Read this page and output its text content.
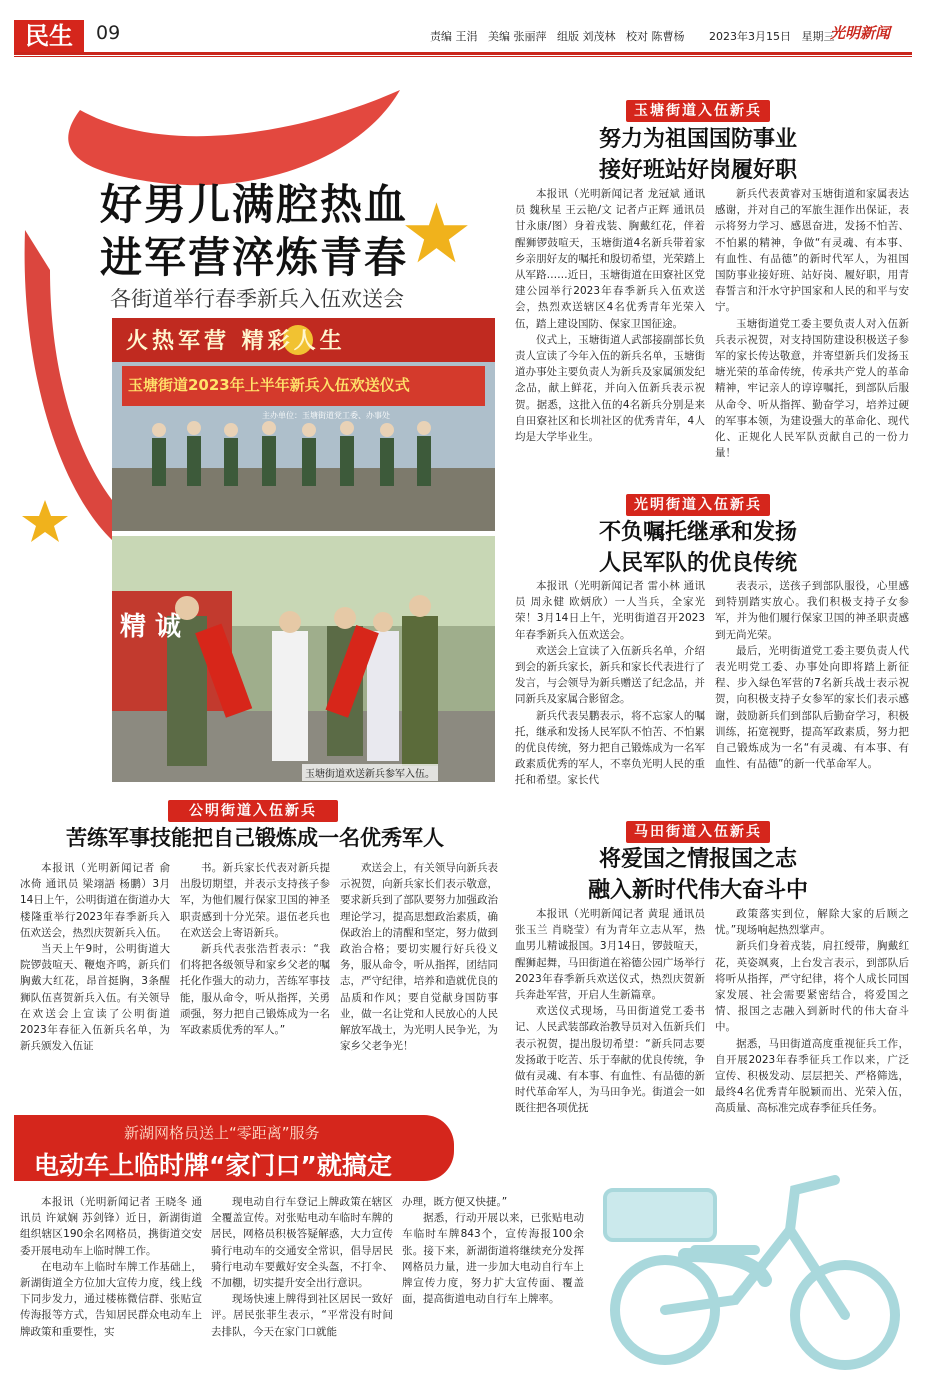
民生	09	责编 王涓 美编 张丽萍 组版 刘茂林 校对 陈曹杨 2023年3月15日 星期三
光明新闻
好男儿满腔热血
进军营淬炼青春
各街道举行春季新兵入伍欢送会
火热军营 精彩人生
玉塘街道2023年上半年新兵入伍欢送仪式
主办单位：玉塘街道党工委、办事处
精 诚
玉塘街道欢送新兵参军入伍。
玉塘街道入伍新兵
努力为祖国国防事业
接好班站好岗履好职

本报讯（光明新闻记者 龙冠斌 通讯员 魏秋星 王云艳/文 记者卢正辉 通讯员 甘永康/图）身着戎装、胸戴红花，伴着醒狮锣鼓喧天，玉塘街道4名新兵带着家乡亲朋好友的嘱托和殷切希望，光荣踏上从军路……近日，玉塘街道在田寮社区党建公园举行2023年春季新兵入伍欢送会，热烈欢送辖区4名优秀青年光荣入伍，踏上建设国防、保家卫国征途。

仪式上，玉塘街道人武部接副部长负责人宣读了今年入伍的新兵名单，玉塘街道办事处主要负责人为新兵及家属颁发纪念品，献上鲜花，并向入伍新兵表示祝贺。据悉，这批入伍的4名新兵分别是来自田寮社区和长圳社区的优秀青年，4人均是大学毕业生。

新兵代表黄睿对玉塘街道和家属表达感谢，并对自己的军旅生涯作出保证，表示将努力学习、感恩奋进，发扬不怕苦、不怕累的精神，争做“有灵魂、有本事、有血性、有品德”的新时代军人，为祖国国防事业接好班、站好岗、履好职，用青春誓言和汗水守护国家和人民的和平与安宁。

玉塘街道党工委主要负责人对入伍新兵表示祝贺，对支持国防建设积极送子参军的家长传达敬意，并寄望新兵们发扬玉塘光荣的革命传统，传承共产党人的革命精神，牢记亲人的谆谆嘱托，到部队后服从命令、听从指挥、勤奋学习，培养过硬的军事本领，为建设强大的革命化、现代化、正规化人民军队贡献自己的一份力量！

光明街道入伍新兵
不负嘱托继承和发扬
人民军队的优良传统

本报讯（光明新闻记者 雷小林 通讯员 周永健 欧炳欣）一人当兵，全家光荣！3月14日上午，光明街道召开2023年春季新兵入伍欢送会。

欢送会上宣读了入伍新兵名单，介绍到会的新兵家长，新兵和家长代表进行了发言，与会领导为新兵赠送了纪念品，并同新兵及家属合影留念。

新兵代表吴鹏表示，将不忘家人的嘱托，继承和发扬人民军队不怕苦、不怕累的优良传统，努力把自己锻炼成为一名军政素质优秀的军人，不辜负光明人民的重托和希望。家长代

表表示，送孩子到部队服役，心里感到特别踏实放心。我们积极支持子女参军，并为他们履行保家卫国的神圣职责感到无尚光荣。

最后，光明街道党工委主要负责人代表光明党工委、办事处向即将踏上新征程、步入绿色军营的7名新兵战士表示祝贺，向积极支持子女参军的家长们表示感谢，鼓励新兵们到部队后勤奋学习，积极训练，拓宽视野，提高军政素质，努力把自己锻炼成为一名“有灵魂、有本事、有血性、有品德”的新一代革命军人。

公明街道入伍新兵
苦练军事技能把自己锻炼成一名优秀军人

本报讯（光明新闻记者 俞冰倚 通讯员 梁翊語 杨鹏）3月14日上午，公明街道在街道办大楼隆重举行2023年春季新兵入伍欢送会，热烈庆贺新兵入伍。

当天上午9时，公明街道大院锣鼓喧天、鞭炮齐鸣，新兵们胸戴大红花，昂首挺胸，3条醒狮队伍喜贺新兵入伍。有关领导在欢送会上宣读了公明街道2023年春征入伍新兵名单，为新兵颁发入伍证

书。新兵家长代表对新兵提出殷切期望，并表示支持孩子参军，为他们履行保家卫国的神圣职责感到十分光荣。退伍老兵也在欢送会上寄语新兵。

新兵代表张浩哲表示：“我们将把各级领导和家乡父老的嘱托化作强大的动力，苦练军事技能，服从命令，听从指挥，关勇顽强，努力把自己锻炼成为一名军政素质优秀的军人。”

欢送会上，有关领导向新兵表示祝贺，向新兵家长们表示敬意，要求新兵到了部队要努力加强政治理论学习，提高思想政治素质，确保政治上的清醒和坚定，努力做到政治合格；要切实履行好兵役义务，服从命令，听从指挥，团结同志，严守纪律，培养和造就优良的品质和作风；要自觉献身国防事业，做一名让党和人民放心的人民解放军战士，为光明人民争光，为家乡父老争光！

马田街道入伍新兵
将爱国之情报国之志
融入新时代伟大奋斗中

本报讯（光明新闻记者 黄琨 通讯员 张玉兰 肖晓莹）有为青年立志从军，热血男儿精诚报国。3月14日，锣鼓喧天，醒狮起舞，马田街道在裕德公园广场举行2023年春季新兵欢送仪式，热烈庆贺新兵奔赴军营，开启人生新篇章。

欢送仪式现场，马田街道党工委书记、人民武装部政治教导员对入伍新兵们表示祝贺，提出殷切希望：“新兵同志要发扬敢于吃苦、乐于奉献的优良传统，争做有灵魂、有本事、有血性、有品德的新时代革命军人，为马田争光。街道会一如既往把各项优抚

政策落实到位，解除大家的后顾之忧。”现场响起热烈掌声。

新兵们身着戎装，肩扛绶带，胸戴红花，英姿飒爽，上台发言表示，到部队后将听从指挥，严守纪律，将个人成长同国家发展、社会需要紧密结合，将爱国之情、报国之志融入到新时代的伟大奋斗中。

据悉，马田街道高度重视征兵工作，自开展2023年春季征兵工作以来，广泛宣传、积极发动、层层把关、严格筛选，最终4名优秀青年脱颖而出、光荣入伍，高质量、高标准完成春季征兵任务。

新湖网格员送上“零距离”服务
电动车上临时牌“家门口”就搞定

本报讯（光明新闻记者 王晓冬 通讯员 许斌娴 苏剑锋）近日，新湖街道组织辖区190余名网格员，携街道交安委开展电动车上临时牌工作。

在电动车上临时车牌工作基础上，新湖街道全方位加大宣传力度，线上线下同步发力，通过楼栋微信群、张贴宣传海报等方式，告知居民群众电动车上牌政策和重要性，实

现电动自行车登记上牌政策在辖区全覆盖宣传。对张贴电动车临时车牌的居民，网格员积极答疑解惑，大力宣传骑行电动车的交通安全常识，倡导居民骑行电动车要戴好安全头盔，不打伞、不加棚，切实提升安全出行意识。

现场快速上牌得到社区居民一致好评。居民张菲生表示，“平常没有时间去排队，今天在家门口就能

办理，既方便又快捷。”

据悉，行动开展以来，已张贴电动车临时车牌843个，宣传海报100余张。接下来，新湖街道将继续充分发挥网格员力量，进一步加大电动自行车上牌宣传力度，努力扩大宣传面、覆盖面，提高街道电动自行车上牌率。
